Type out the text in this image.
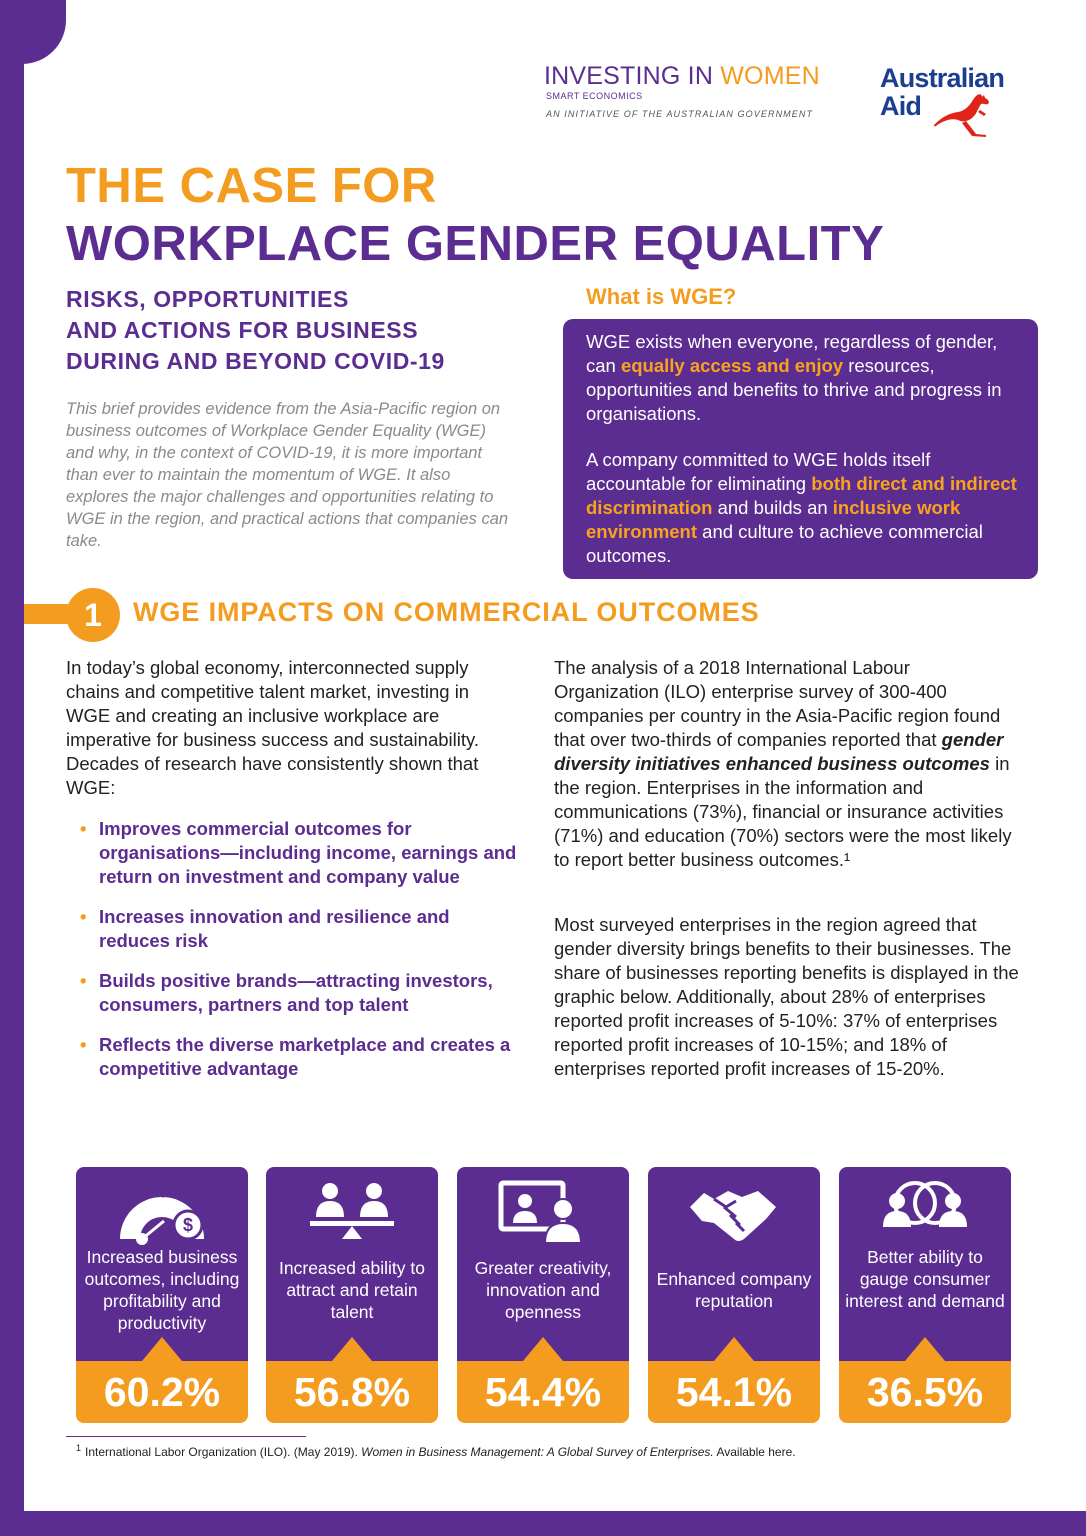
INVESTING IN WOMEN
SMART ECONOMICS
AN INITIATIVE OF THE AUSTRALIAN GOVERNMENT
Australian
Aid
THE CASE FOR
WORKPLACE GENDER EQUALITY
RISKS, OPPORTUNITIES
AND ACTIONS FOR BUSINESS
DURING AND BEYOND COVID-19
This brief provides evidence from the Asia-Pacific region on business outcomes of Workplace Gender Equality (WGE) and why, in the context of COVID-19, it is more important than ever to maintain the momentum of WGE. It also explores the major challenges and opportunities relating to WGE in the region, and practical actions that companies can take.
What is WGE?
WGE exists when everyone, regardless of gender, can equally access and enjoy resources, opportunities and benefits to thrive and progress in organisations.
A company committed to WGE holds itself accountable for eliminating both direct and indirect discrimination and builds an inclusive work environment and culture to achieve commercial outcomes.
1	WGE IMPACTS ON COMMERCIAL OUTCOMES
In today’s global economy, interconnected supply chains and competitive talent market, investing in WGE and creating an inclusive workplace are imperative for business success and sustainability. Decades of research have consistently shown that WGE:
• Improves commercial outcomes for organisations—including income, earnings and return on investment and company value
• Increases innovation and resilience and reduces risk
• Builds positive brands—attracting investors, consumers, partners and top talent
• Reflects the diverse marketplace and creates a competitive advantage
The analysis of a 2018 International Labour Organization (ILO) enterprise survey of 300-400 companies per country in the Asia-Pacific region found that over two-thirds of companies reported that gender diversity initiatives enhanced business outcomes in the region. Enterprises in the information and communications (73%), financial or insurance activities (71%) and education (70%) sectors were the most likely to report better business outcomes.¹
Most surveyed enterprises in the region agreed that gender diversity brings benefits to their businesses. The share of businesses reporting benefits is displayed in the graphic below. Additionally, about 28% of enterprises reported profit increases of 5-10%: 37% of enterprises reported profit increases of 10-15%; and 18% of enterprises reported profit increases of 15-20%.
$
Increased business outcomes, including profitability and productivity
60.2%
Increased ability to attract and retain talent
56.8%
Greater creativity, innovation and openness
54.4%
Enhanced company reputation
54.1%
Better ability to gauge consumer interest and demand
36.5%
$^1$ International Labor Organization (ILO). (May 2019). Women in Business Management: A Global Survey of Enterprises. Available here.
